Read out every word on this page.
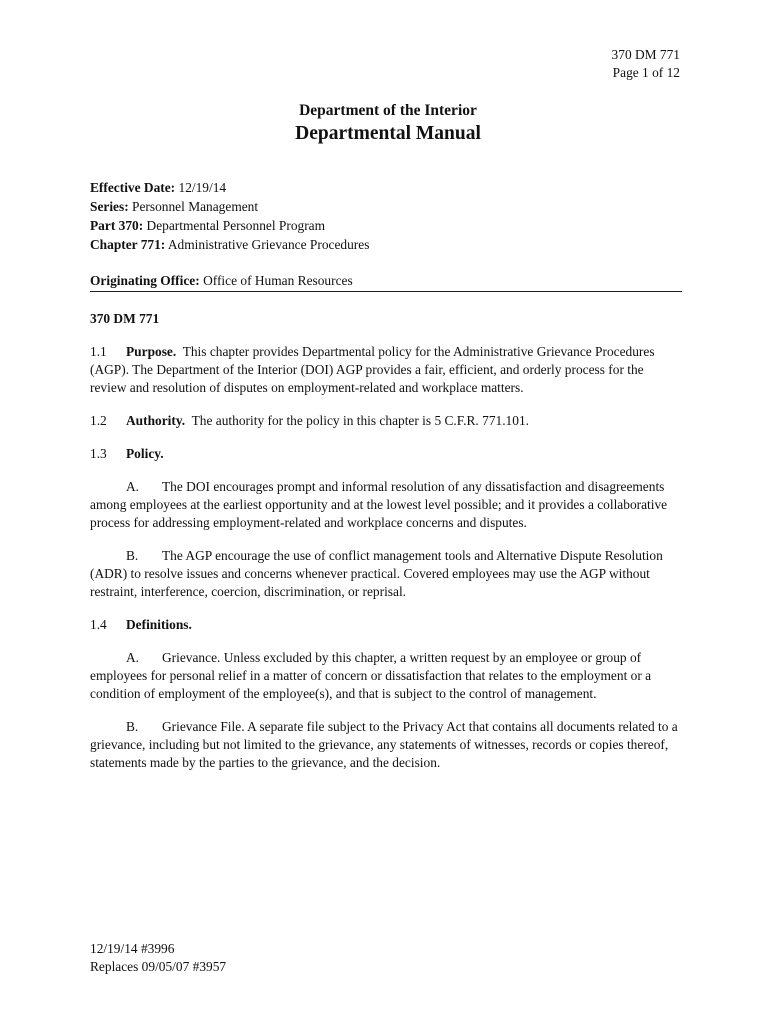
370 DM 771
Page 1 of 12
Department of the Interior
Departmental Manual
Effective Date: 12/19/14
Series: Personnel Management
Part 370: Departmental Personnel Program
Chapter 771: Administrative Grievance Procedures
Originating Office: Office of Human Resources
370 DM 771

1.1 Purpose. This chapter provides Departmental policy for the Administrative Grievance Procedures (AGP). The Department of the Interior (DOI) AGP provides a fair, efficient, and orderly process for the review and resolution of disputes on employment-related and workplace matters.

1.2 Authority. The authority for the policy in this chapter is 5 C.F.R. 771.101.

1.3 Policy.

A. The DOI encourages prompt and informal resolution of any dissatisfaction and disagreements among employees at the earliest opportunity and at the lowest level possible; and it provides a collaborative process for addressing employment-related and workplace concerns and disputes.

B. The AGP encourage the use of conflict management tools and Alternative Dispute Resolution (ADR) to resolve issues and concerns whenever practical. Covered employees may use the AGP without restraint, interference, coercion, discrimination, or reprisal.

1.4 Definitions.

A. Grievance. Unless excluded by this chapter, a written request by an employee or group of employees for personal relief in a matter of concern or dissatisfaction that relates to the employment or a condition of employment of the employee(s), and that is subject to the control of management.

B. Grievance File. A separate file subject to the Privacy Act that contains all documents related to a grievance, including but not limited to the grievance, any statements of witnesses, records or copies thereof, statements made by the parties to the grievance, and the decision.

12/19/14 #3996
Replaces 09/05/07 #3957
